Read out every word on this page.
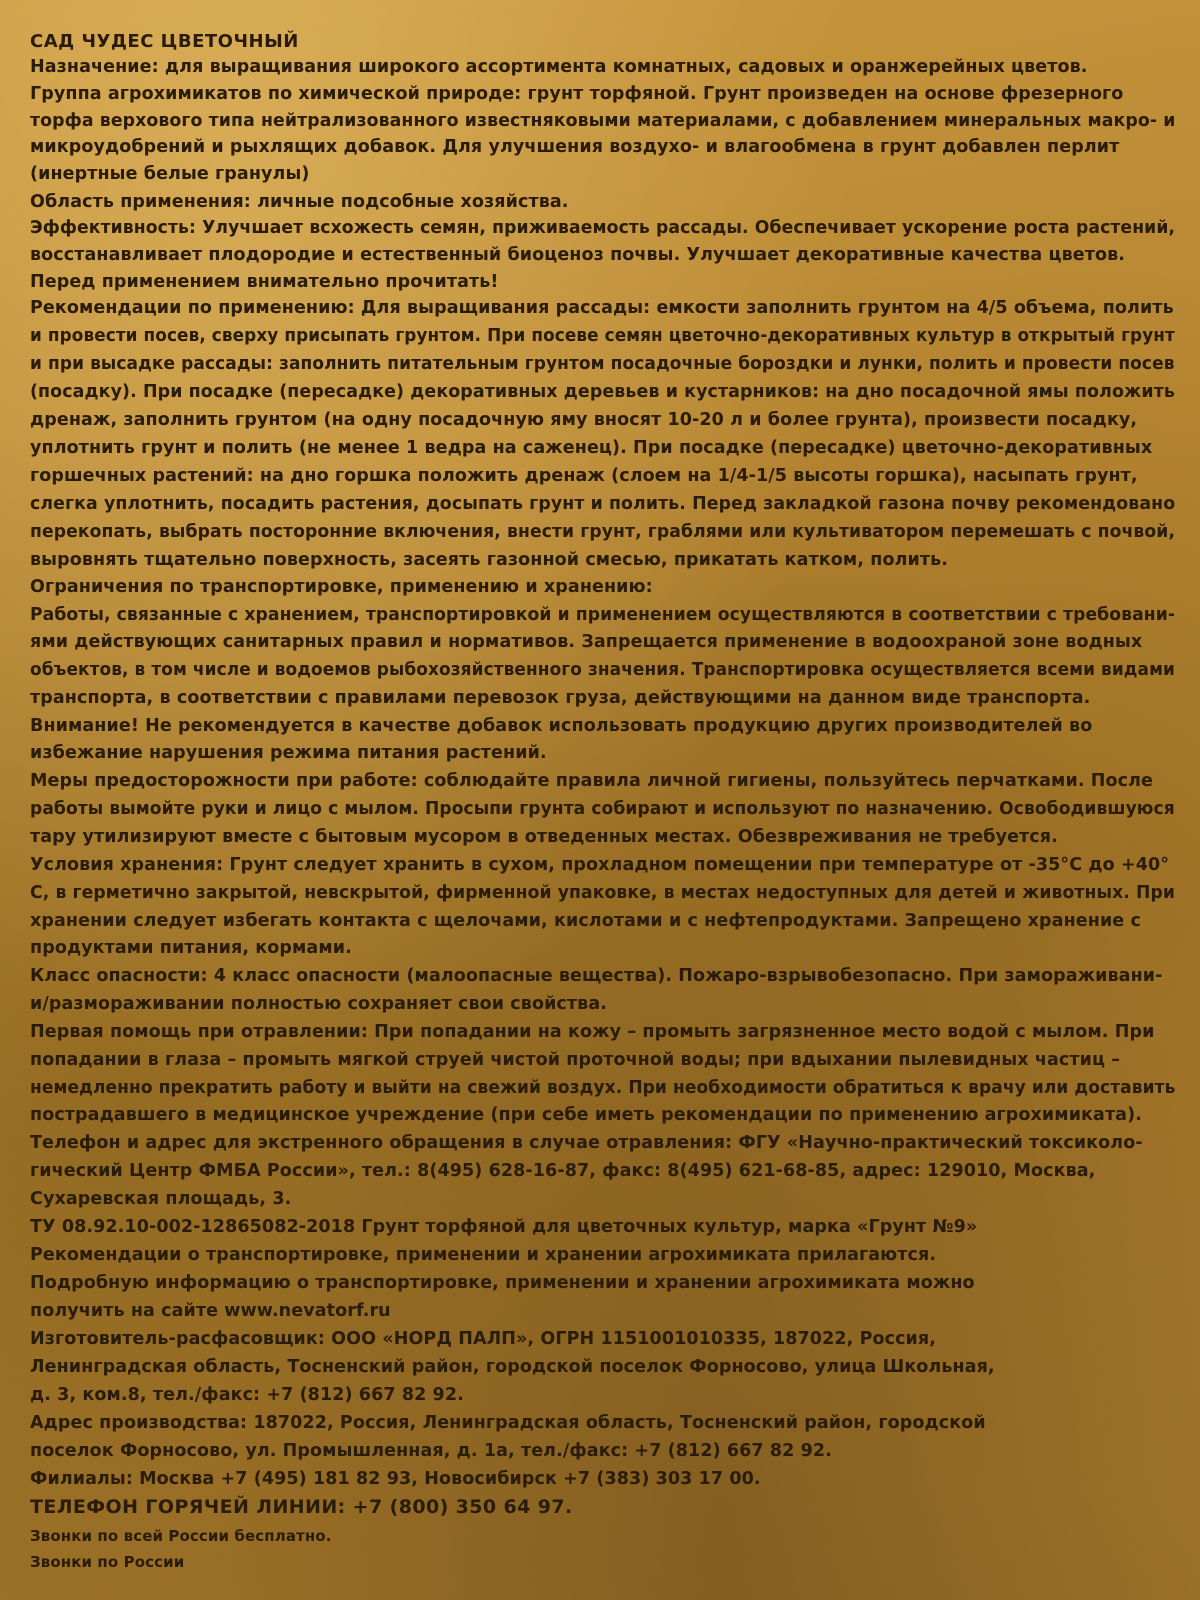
САД ЧУДЕС ЦВЕТОЧНЫЙ
Назначение: для выращивания широкого ассортимента комнатных, садовых и оранжерейных цветов.
Группа агрохимикатов по химической природе: грунт торфяной. Грунт произведен на основе фрезерного
торфа верхового типа нейтрализованного известняковыми материалами, с добавлением минеральных макро- и
микроудобрений и рыхлящих добавок. Для улучшения воздухо- и влагообмена в грунт добавлен перлит
(инертные белые гранулы)
Область применения: личные подсобные хозяйства.
Эффективность: Улучшает всхожесть семян, приживаемость рассады. Обеспечивает ускорение роста растений,
восстанавливает плодородие и естественный биоценоз почвы. Улучшает декоративные качества цветов.
Перед применением внимательно прочитать!
Рекомендации по применению: Для выращивания рассады: емкости заполнить грунтом на 4/5 объема, полить
и провести посев, сверху присыпать грунтом. При посеве семян цветочно-декоративных культур в открытый грунт
и при высадке рассады: заполнить питательным грунтом посадочные бороздки и лунки, полить и провести посев
(посадку). При посадке (пересадке) декоративных деревьев и кустарников: на дно посадочной ямы положить
дренаж, заполнить грунтом (на одну посадочную яму вносят 10-20 л и более грунта), произвести посадку,
уплотнить грунт и полить (не менее 1 ведра на саженец). При посадке (пересадке) цветочно-декоративных
горшечных растений: на дно горшка положить дренаж (слоем на 1/4-1/5 высоты горшка), насыпать грунт,
слегка уплотнить, посадить растения, досыпать грунт и полить. Перед закладкой газона почву рекомендовано
перекопать, выбрать посторонние включения, внести грунт, граблями или культиватором перемешать с почвой,
выровнять тщательно поверхность, засеять газонной смесью, прикатать катком, полить.
Ограничения по транспортировке, применению и хранению:
Работы, связанные с хранением, транспортировкой и применением осуществляются в соответствии с требовани-
ями действующих санитарных правил и нормативов. Запрещается применение в водоохраной зоне водных
объектов, в том числе и водоемов рыбохозяйственного значения. Транспортировка осуществляется всеми видами
транспорта, в соответствии с правилами перевозок груза, действующими на данном виде транспорта.
Внимание! Не рекомендуется в качестве добавок использовать продукцию других производителей во
избежание нарушения режима питания растений.
Меры предосторожности при работе: соблюдайте правила личной гигиены, пользуйтесь перчатками. После
работы вымойте руки и лицо с мылом. Просыпи грунта собирают и используют по назначению. Освободившуюся
тару утилизируют вместе с бытовым мусором в отведенных местах. Обезвреживания не требуется.
Условия хранения: Грунт следует хранить в сухом, прохладном помещении при температуре от -35°С до +40°
С, в герметично закрытой, невскрытой, фирменной упаковке, в местах недоступных для детей и животных. При
хранении следует избегать контакта с щелочами, кислотами и с нефтепродуктами. Запрещено хранение с
продуктами питания, кормами.
Класс опасности: 4 класс опасности (малоопасные вещества). Пожаро-взрывобезопасно. При замораживани-
и/размораживании полностью сохраняет свои свойства.
Первая помощь при отравлении: При попадании на кожу – промыть загрязненное место водой с мылом. При
попадании в глаза – промыть мягкой струей чистой проточной воды; при вдыхании пылевидных частиц –
немедленно прекратить работу и выйти на свежий воздух. При необходимости обратиться к врачу или доставить
пострадавшего в медицинское учреждение (при себе иметь рекомендации по применению агрохимиката).
Телефон и адрес для экстренного обращения в случае отравления: ФГУ «Научно-практический токсиколо-
гический Центр ФМБА России», тел.: 8(495) 628-16-87, факс: 8(495) 621-68-85, адрес: 129010, Москва,
Сухаревская площадь, 3.
ТУ 08.92.10-002-12865082-2018 Грунт торфяной для цветочных культур, марка «Грунт №9»
Рекомендации о транспортировке, применении и хранении агрохимиката прилагаются.
Подробную информацию о транспортировке, применении и хранении агрохимиката можно
получить на сайте www.nevatorf.ru
Изготовитель-расфасовщик: ООО «НОРД ПАЛП», ОГРН 1151001010335, 187022, Россия,
Ленинградская область, Тосненский район, городской поселок Форносово, улица Школьная,
д. 3, ком.8, тел./факс: +7 (812) 667 82 92.
Адрес производства: 187022, Россия, Ленинградская область, Тосненский район, городской
поселок Форносово, ул. Промышленная, д. 1а, тел./факс: +7 (812) 667 82 92.
Филиалы: Москва +7 (495) 181 82 93, Новосибирск +7 (383) 303 17 00.
ТЕЛЕФОН ГОРЯЧЕЙ ЛИНИИ: +7 (800) 350 64 97.
Звонки по всей России бесплатно.
Звонки по России
